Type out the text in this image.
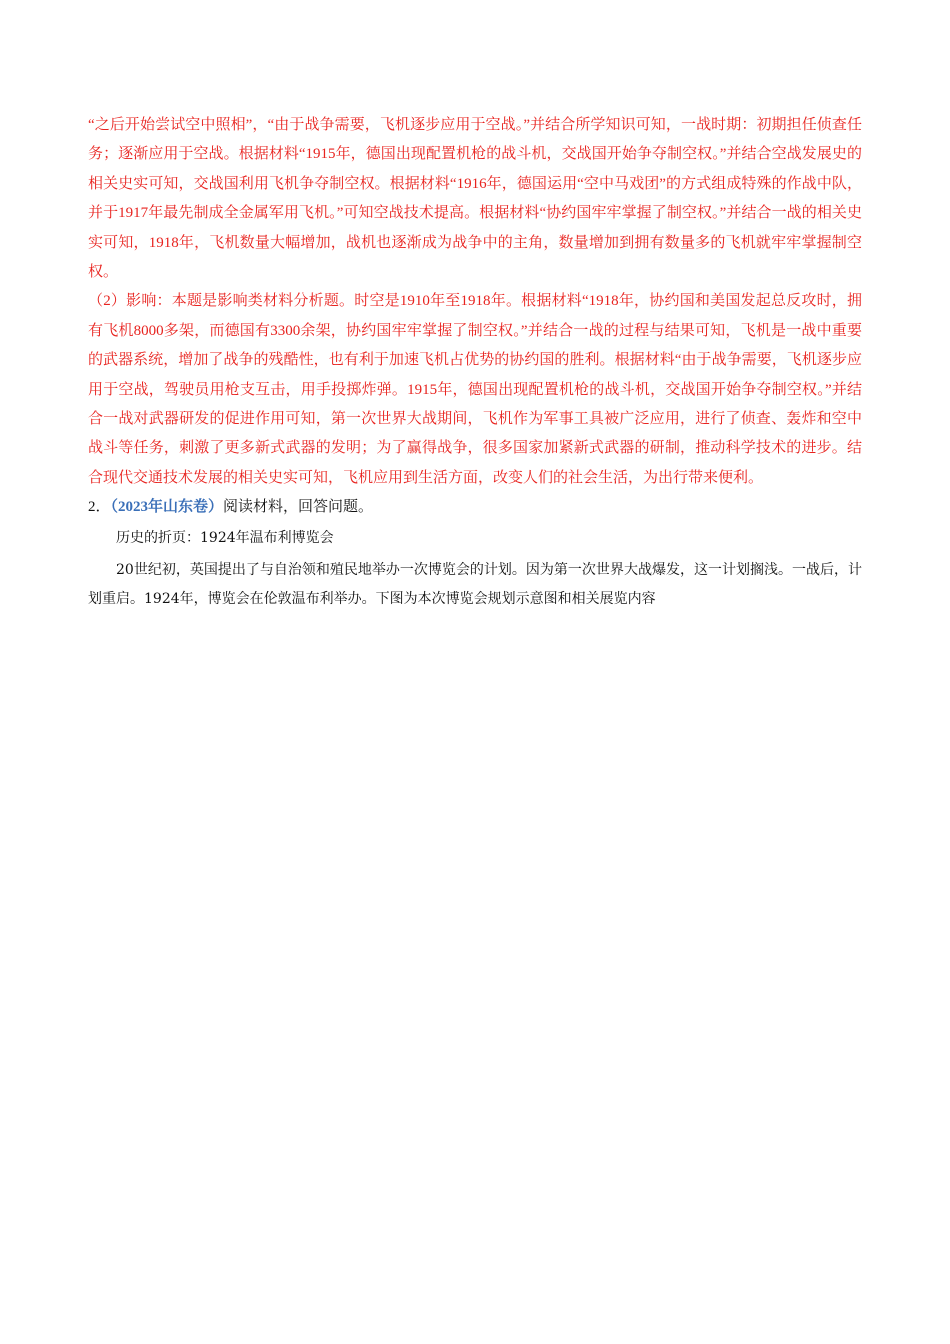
“之后开始尝试空中照相”，“由于战争需要，飞机逐步应用于空战。”并结合所学知识可知，一战时期：初期担任侦查任务；逐渐应用于空战。根据材料“1915年，德国出现配置机枪的战斗机，交战国开始争夺制空权。”并结合空战发展史的相关史实可知，交战国利用飞机争夺制空权。根据材料“1916年，德国运用“空中马戏团”的方式组成特殊的作战中队，并于1917年最先制成全金属军用飞机。”可知空战技术提高。根据材料“协约国牢牢掌握了制空权。”并结合一战的相关史实可知，1918年，飞机数量大幅增加，战机也逐渐成为战争中的主角，数量增加到拥有数量多的飞机就牢牢掌握制空权。

（2）影响：本题是影响类材料分析题。时空是1910年至1918年。根据材料“1918年，协约国和美国发起总反攻时，拥有飞机8000多架，而德国有3300余架，协约国牢牢掌握了制空权。”并结合一战的过程与结果可知，飞机是一战中重要的武器系统，增加了战争的残酷性，也有利于加速飞机占优势的协约国的胜利。根据材料“由于战争需要，飞机逐步应用于空战，驾驶员用枪支互击，用手投掷炸弹。1915年，德国出现配置机枪的战斗机，交战国开始争夺制空权。”并结合一战对武器研发的促进作用可知，第一次世界大战期间，飞机作为军事工具被广泛应用，进行了侦查、轰炸和空中战斗等任务，刺激了更多新式武器的发明；为了赢得战争，很多国家加紧新式武器的研制，推动科学技术的进步。结合现代交通技术发展的相关史实可知，飞机应用到生活方面，改变人们的社会生活，为出行带来便利。

2．（2023年山东卷）阅读材料，回答问题。

历史的折页：1924年温布利博览会

20世纪初，英国提出了与自治领和殖民地举办一次博览会的计划。因为第一次世界大战爆发，这一计划搁浅。一战后，计划重启。1924年，博览会在伦敦温布利举办。下图为本次博览会规划示意图和相关展览内容
